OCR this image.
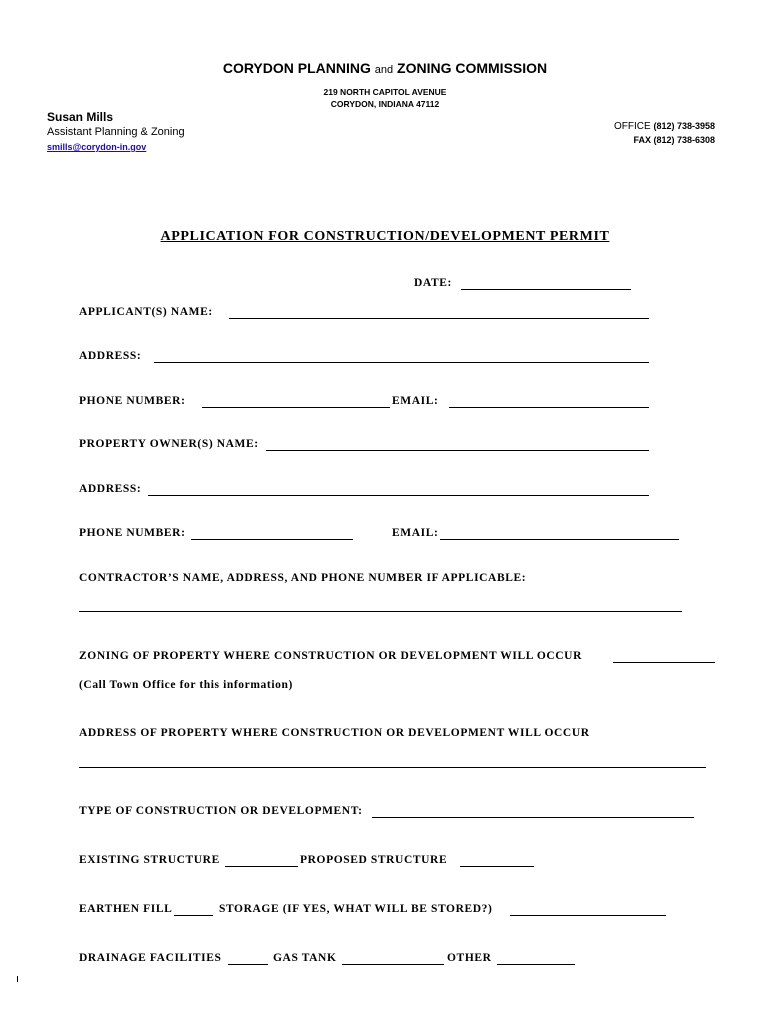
CORYDON PLANNING and ZONING COMMISSION
219 NORTH CAPITOL AVENUE
CORYDON, INDIANA 47112
Susan Mills
Assistant Planning & Zoning
smills@corydon-in.gov
OFFICE (812) 738-3958
FAX (812) 738-6308
APPLICATION FOR CONSTRUCTION/DEVELOPMENT PERMIT
DATE:
APPLICANT(S) NAME:
ADDRESS:
PHONE NUMBER:	EMAIL:
PROPERTY OWNER(S) NAME:
ADDRESS:
PHONE NUMBER:	EMAIL:
CONTRACTOR’S NAME, ADDRESS, AND PHONE NUMBER IF APPLICABLE:
ZONING OF PROPERTY WHERE CONSTRUCTION OR DEVELOPMENT WILL OCCUR
(Call Town Office for this information)
ADDRESS OF PROPERTY WHERE CONSTRUCTION OR DEVELOPMENT WILL OCCUR
TYPE OF CONSTRUCTION OR DEVELOPMENT:
EXISTING STRUCTURE	PROPOSED STRUCTURE
EARTHEN FILL	STORAGE (IF YES, WHAT WILL BE STORED?)
DRAINAGE FACILITIES	GAS TANK	OTHER
